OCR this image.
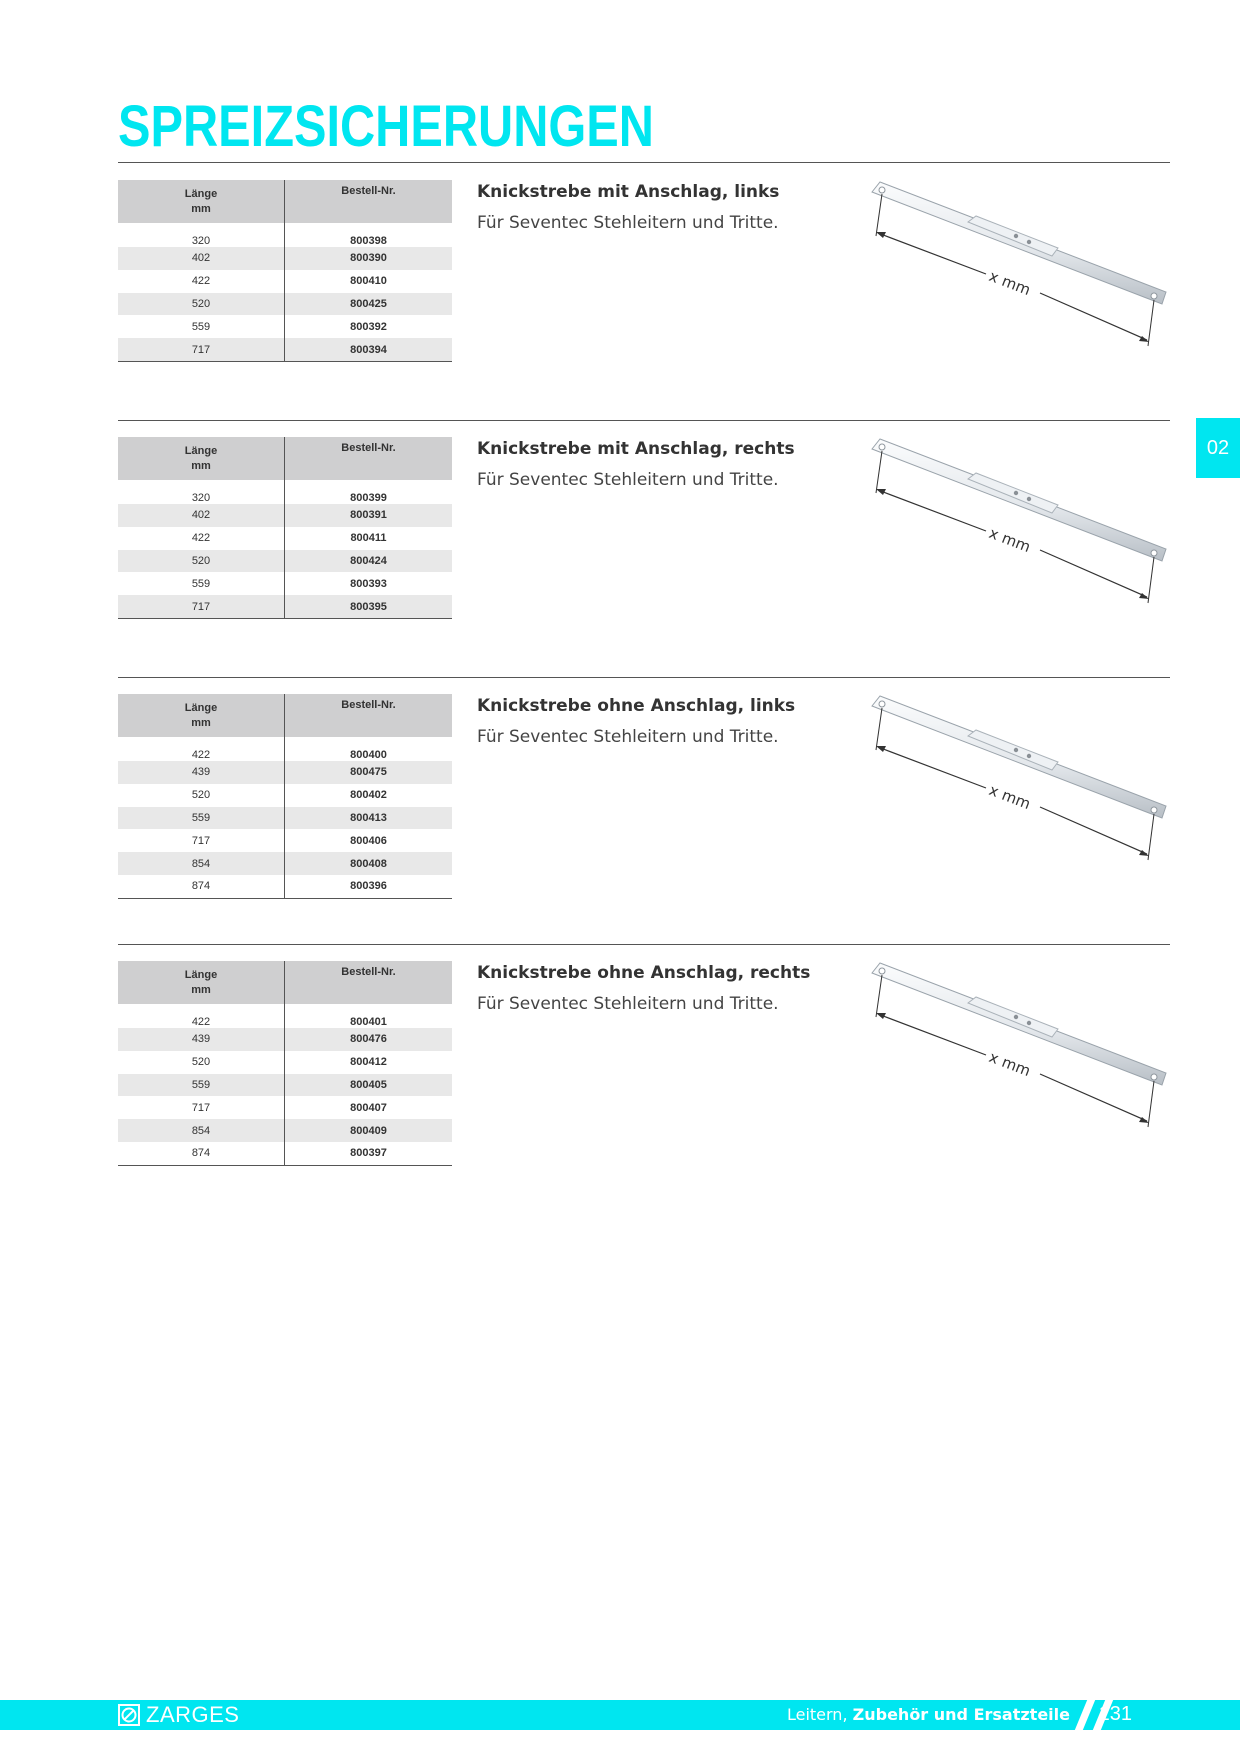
SPREIZSICHERUNGEN
02
Länge
mm	Bestell-Nr.
320	800398
402	800390
422	800410
520	800425
559	800392
717	800394
Knickstrebe mit Anschlag, links

Für Seventec Stehleitern und Tritte.

x mm
Länge
mm	Bestell-Nr.
320	800399
402	800391
422	800411
520	800424
559	800393
717	800395
Knickstrebe mit Anschlag, rechts

Für Seventec Stehleitern und Tritte.

x mm
Länge
mm	Bestell-Nr.
422	800400
439	800475
520	800402
559	800413
717	800406
854	800408
874	800396
Knickstrebe ohne Anschlag, links

Für Seventec Stehleitern und Tritte.

x mm
Länge
mm	Bestell-Nr.
422	800401
439	800476
520	800412
559	800405
717	800407
854	800409
874	800397
Knickstrebe ohne Anschlag, rechts

Für Seventec Stehleitern und Tritte.

x mm
ZARGES	Leitern, Zubehör und Ersatzteile 131
